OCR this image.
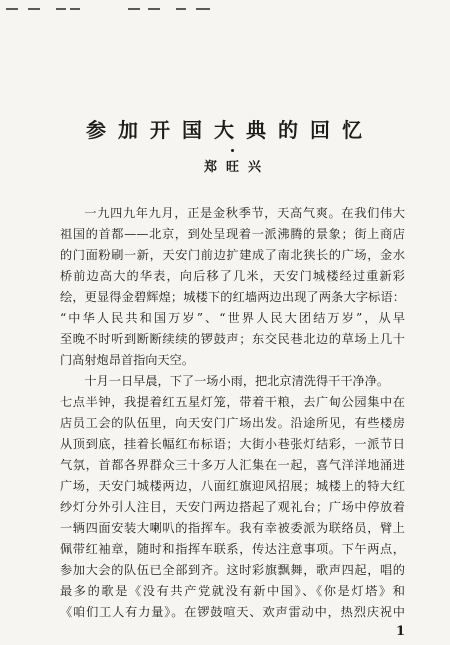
参加开国大典的回忆
郑旺兴
一九四九年九月，正是金秋季节，天高气爽。在我们伟大
祖国的首都——北京，到处呈现着一派沸腾的景象；街上商店
的门面粉刷一新，天安门前边扩建成了南北狭长的广场，金水
桥前边高大的华表，向后移了几米，天安门城楼经过重新彩
绘，更显得金碧辉煌；城楼下的红墙两边出现了两条大字标语：
“中华人民共和国万岁”、“世界人民大团结万岁”，从早
至晚不时听到断断续续的锣鼓声；东交民巷北边的草场上几十
门高射炮昂首指向天空。
十月一日早晨，下了一场小雨，把北京清洗得干干净净。
七点半钟，我提着红五星灯笼，带着干粮，去广甸公园集中在
店员工会的队伍里，向天安门广场出发。沿途所见，有些楼房
从顶到底，挂着长幅红布标语；大街小巷张灯结彩，一派节日
气氛，首都各界群众三十多万人汇集在一起，喜气洋洋地涌进
广场，天安门城楼两边，八面红旗迎风招展；城楼上的特大红
纱灯分外引人注目，天安门两边搭起了观礼台；广场中停放着
一辆四面安装大喇叭的指挥车。我有幸被委派为联络员，臂上
佩带红袖章，随时和指挥车联系，传达注意事项。下午两点，
参加大会的队伍已全部到齐。这时彩旗飘舞，歌声四起，唱的
最多的歌是《没有共产党就没有新中国》、《你是灯塔》和
《咱们工人有力量》。在锣鼓喧天、欢声雷动中，热烈庆祝中
1
